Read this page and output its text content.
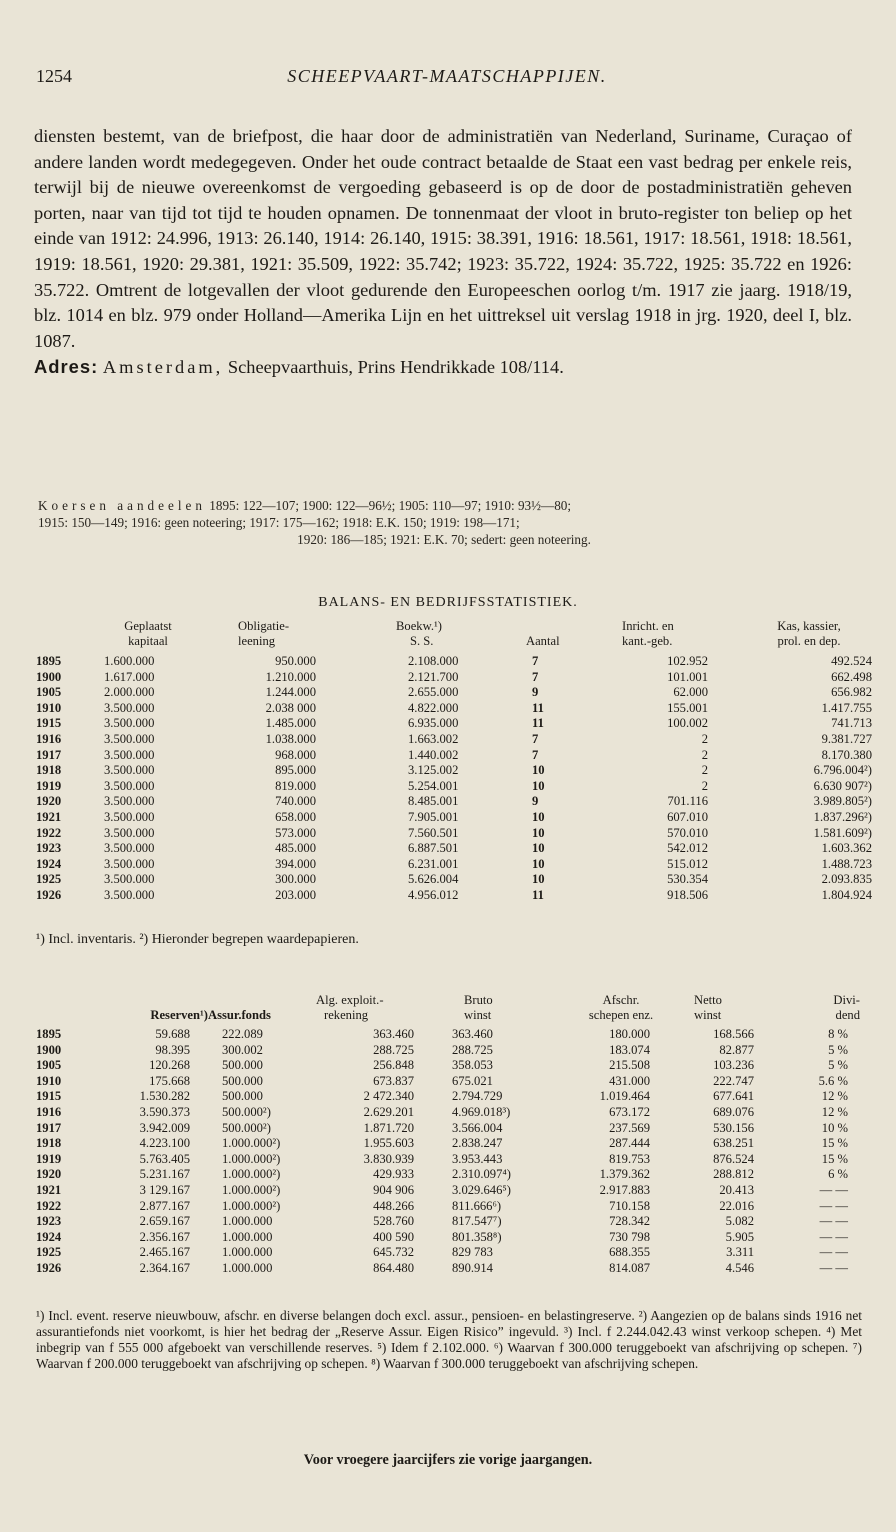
1254	SCHEEPVAART-MAATSCHAPPIJEN.
diensten bestemt, van de briefpost, die haar door de administratiën van Nederland, Suriname, Curaçao of andere landen wordt medegegeven. Onder het oude contract betaalde de Staat een vast bedrag per enkele reis, terwijl bij de nieuwe overeenkomst de vergoeding gebaseerd is op de door de postadministratiën geheven porten, naar van tijd tot tijd te houden opnamen. De tonnenmaat der vloot in bruto-register ton beliep op het einde van 1912: 24.996, 1913: 26.140, 1914: 26.140, 1915: 38.391, 1916: 18.561, 1917: 18.561, 1918: 18.561, 1919: 18.561, 1920: 29.381, 1921: 35.509, 1922: 35.742; 1923: 35.722, 1924: 35.722, 1925: 35.722 en 1926: 35.722. Omtrent de lotgevallen der vloot gedurende den Europeeschen oorlog t/m. 1917 zie jaarg. 1918/19, blz. 1014 en blz. 979 onder Holland—Amerika Lijn en het uittreksel uit verslag 1918 in jrg. 1920, deel I, blz. 1087.
Adres: Amsterdam, Scheepvaarthuis, Prins Hendrikkade 108/114.
Koersen aandeelen 1895: 122—107; 1900: 122—96½; 1905: 110—97; 1910: 93½—80;
1915: 150—149; 1916: geen noteering; 1917: 175—162; 1918: E.K. 150; 1919: 198—171;
1920: 186—185; 1921: E.K. 70; sedert: geen noteering.
BALANS- EN BEDRIJFSSTATISTIEK.
Geplaatst
kapitaal
Obligatie-
leening
Boekw.¹)
S. S.
	Aantal
Inricht. en
kant.-geb.
Kas, kassier,
prol. en dep.
1895
1900
1905
1910
1915
1916
1917
1918
1919
1920
1921
1922
1923
1924
1925
1926
1.600.000
1.617.000
2.000.000
3.500.000
3.500.000
3.500.000
3.500.000
3.500.000
3.500.000
3.500.000
3.500.000
3.500.000
3.500.000
3.500.000
3.500.000
3.500.000
950.000
1.210.000
1.244.000
2.038 000
1.485.000
1.038.000
968.000
895.000
819.000
740.000
658.000
573.000
485.000
394.000
300.000
203.000
2.108.000
2.121.700
2.655.000
4.822.000
6.935.000
1.663.002
1.440.002
3.125.002
5.254.001
8.485.001
7.905.001
7.560.501
6.887.501
6.231.001
5.626.004
4.956.012
7
7
9
11
11
7
7
10
10
9
10
10
10
10
10
11
102.952
101.001
62.000
155.001
100.002
2
2
2
2
701.116
607.010
570.010
542.012
515.012
530.354
918.506
492.524
662.498
656.982
1.417.755
741.713
9.381.727
8.170.380
6.796.004²)
6.630 907²)
3.989.805²)
1.837.296²)
1.581.609²)
1.603.362
1.488.723
2.093.835
1.804.924
¹) Incl. inventaris. ²) Hieronder begrepen waardepapieren.

Reserven¹)
Assur.fonds
Alg. exploit.-
rekening
Bruto
winst
Afschr.
schepen enz.
Netto
winst
Divi-
dend
1895
1900
1905
1910
1915
1916
1917
1918
1919
1920
1921
1922
1923
1924
1925
1926
59.688
98.395
120.268
175.668
1.530.282
3.590.373
3.942.009
4.223.100
5.763.405
5.231.167
3 129.167
2.877.167
2.659.167
2.356.167
2.465.167
2.364.167
222.089
300.002
500.000
500.000
500.000
500.000²)
500.000²)
1.000.000²)
1.000.000²)
1.000.000²)
1.000.000²)
1.000.000²)
1.000.000
1.000.000
1.000.000
1.000.000
363.460
288.725
256.848
673.837
2 472.340
2.629.201
1.871.720
1.955.603
3.830.939
429.933
904 906
448.266
528.760
400 590
645.732
864.480
363.460
288.725
358.053
675.021
2.794.729
4.969.018³)
3.566.004
2.838.247
3.953.443
2.310.097⁴)
3.029.646⁵)
811.666⁶)
817.547⁷)
801.358⁸)
829 783
890.914
180.000
183.074
215.508
431.000
1.019.464
673.172
237.569
287.444
819.753
1.379.362
2.917.883
710.158
728.342
730 798
688.355
814.087
168.566
82.877
103.236
222.747
677.641
689.076
530.156
638.251
876.524
288.812
20.413
22.016
5.082
5.905
3.311
4.546
8 %
5 %
5 %
5.6 %
12 %
12 %
10 %
15 %
15 %
6 %
— —
— —
— —
— —
— —
— —
¹) Incl. event. reserve nieuwbouw, afschr. en diverse belangen doch excl. assur., pensioen- en belastingreserve. ²) Aangezien op de balans sinds 1916 net assurantiefonds niet voorkomt, is hier het bedrag der „Reserve Assur. Eigen Risico” ingevuld. ³) Incl. f 2.244.042.43 winst verkoop schepen. ⁴) Met inbegrip van f 555 000 afgeboekt van verschillende reserves. ⁵) Idem f 2.102.000. ⁶) Waarvan f 300.000 teruggeboekt van afschrijving op schepen. ⁷) Waarvan f 200.000 teruggeboekt van afschrijving op schepen. ⁸) Waarvan f 300.000 teruggeboekt van afschrijving schepen.
Voor vroegere jaarcijfers zie vorige jaargangen.
